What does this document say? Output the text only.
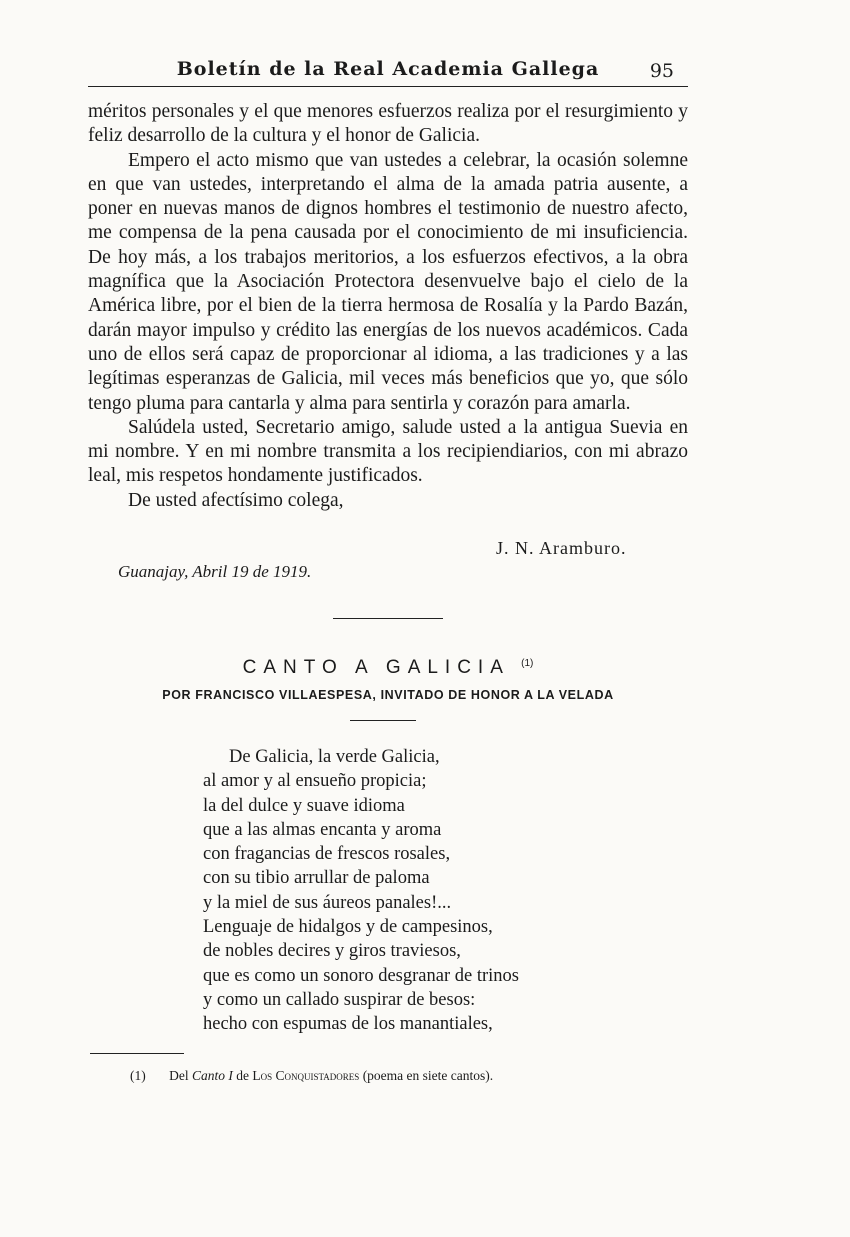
Boletín de la Real Academia Gallega	95

méritos personales y el que menores esfuerzos realiza por el resurgimiento y feliz desarrollo de la cultura y el honor de Galicia.

Empero el acto mismo que van ustedes a celebrar, la ocasión solemne en que van ustedes, interpretando el alma de la amada patria ausente, a poner en nuevas manos de dignos hombres el testimonio de nuestro afecto, me compensa de la pena causada por el conocimiento de mi insuficiencia. De hoy más, a los trabajos meritorios, a los esfuerzos efectivos, a la obra magnífica que la Asociación Protectora desenvuelve bajo el cielo de la América libre, por el bien de la tierra hermosa de Rosalía y la Pardo Bazán, darán mayor impulso y crédito las energías de los nuevos académicos. Cada uno de ellos será capaz de proporcionar al idioma, a las tradiciones y a las legítimas esperanzas de Galicia, mil veces más beneficios que yo, que sólo tengo pluma para cantarla y alma para sentirla y corazón para amarla.

Salúdela usted, Secretario amigo, salude usted a la antigua Suevia en mi nombre. Y en mi nombre transmita a los recipiendiarios, con mi abrazo leal, mis respetos hondamente justificados.

De usted afectísimo colega,

J. N. Aramburo.
Guanajay, Abril 19 de 1919.
CANTO A GALICIA $^{(1)}$
POR FRANCISCO VILLAESPESA, INVITADO DE HONOR A LA VELADA
De Galicia, la verde Galicia,
al amor y al ensueño propicia;
la del dulce y suave idioma
que a las almas encanta y aroma
con fragancias de frescos rosales,
con su tibio arrullar de paloma
y la miel de sus áureos panales!...
Lenguaje de hidalgos y de campesinos,
de nobles decires y giros traviesos,
que es como un sonoro desgranar de trinos
y como un callado suspirar de besos:
hecho con espumas de los manantiales,
(1) Del Canto I de Los Conquistadores (poema en siete cantos).
